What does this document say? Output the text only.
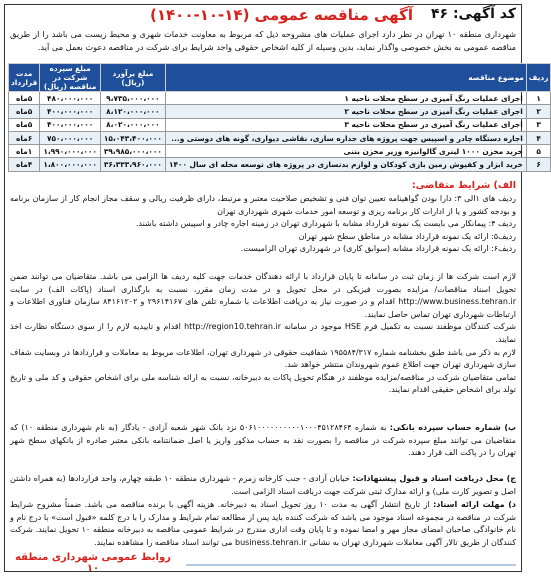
آگهی مناقصه عمومی (۱۴-۱۰-۱۴۰۰) کد آگهی: ۴۶
شهرداری منطقه ۱۰ تهران در نظر دارد اجرای عملیات های مشروحه ذیل که مربوط به معاونت خدمات شهری و محیط زیست می باشد را از طریق مناقصه عمومی به بخش خصوصی واگذار نماید، بدین وسیله از کلیه اشخاص حقوقی واجد شرایط برای شرکت در مناقصه دعوت بعمل می آید.
ردیف	موضوع مناقصه	مبلغ برآورد (ریال)	مبلغ سپرده شرکت در مناقصه (ریال)	مدت قرارداد
۱	اجرای عملیات رنگ آمیزی در سطح محلات ناحیه ۱	۹،۷۳۵،۰۰۰،۰۰۰	۴۸۰،۰۰۰،۰۰۰	۵ماه
۲	اجرای عملیات رنگ آمیزی در سطح محلات ناحیه ۲	۸،۱۲۰،۰۰۰،۰۰۰	۴۰۰،۰۰۰،۰۰۰	۵ماه
۳	اجرای عملیات رنگ آمیزی در سطح محلات ناحیه ۳	۸،۰۲۰،۰۰۰،۰۰۰	۴۰۰،۰۰۰،۰۰۰	۵ماه
۴	اجاره دستگاه چادر و اسپیس جهت پروژه های جداره سازی، نقاشی دیواری، گونه های دوستی و...	۱۵،۰۴۳،۴۰۰،۰۰۰	۷۵۰،۰۰۰،۰۰۰	۶ماه
۵	خرید مخزن ۱۰۰۰ لیتری گالوانیزه وزیر مخزن بتنی	۳۹،۹۸۵،۰۰۰،۰۰۰	۱،۹۹۰،۰۰۰،۰۰۰	۱ماه
۶	خرید ابزار و کفپوش زمین بازی کودکان و لوازم بدنسازی در پروژه های توسعه محله ای سال ۱۴۰۰	۳۶،۳۳۳،۹۶۰،۰۰۰	۱،۸۰۰،۰۰۰،۰۰۰	۴ماه
الف) شرایط متقاضی:

ردیف های ۱الی ۳: دارا بودن گواهینامه تعیین توان فنی و تشخیص صلاحیت معتبر و مرتبط، دارای ظرفیت ریالی و سقف مجاز انجام کار از سازمان برنامه و بودجه کشور و یا از ادارات کار برنامه ریزی و توسعه امور خدمات شهری شهرداری تهران

ردیف ۴: پیمانکار می بایست یک نمونه قرارداد مشابه با شهرداری تهران در زمینه اجاره چادر و اسپیس داشته باشند.

ردیف۵: ارائه یک نمونه قرارداد مشابه در مناطق سطح شهر تهران

ردیف۶: ارائه یک نمونه قرارداد مشابه (سوابق کاری) در شهرداری تهران الزامیست.

لازم است شرکت ها از زمان ثبت در سامانه تا پایان قرارداد با ارائه دهندگان خدمات جهت کلیه ردیف ها الزامی می باشد. متقاضیان می توانند ضمن تحویل اسناد مناقصات/ مزایده بصورت فیزیکی در محل تحویل و در مدت زمان مقرر، نسبت به بارگذاری اسناد (پاکات الف) در سایت http://www.business.tehran.ir اقدام و در صورت نیاز به دریافت اطلاعات با شماره تلفن های ۲۹۶۱۴۱۶۷ و ۸۴۱۶۱۲۰۲ سازمان فناوری اطلاعات و ارتباطات شهرداری تهران تماس حاصل نمایند.

شرکت کنندگان موظفند نسبت به تکمیل فرم HSE موجود در سامانه http://region10.tehran.ir اقدام و تاییدیه لازم را از سوی دستگاه نظارت اخذ نمایند.

لازم به ذکر می باشد طبق بخشنامه شماره ۱۹۵۵۸۴/۳۱۷ شفافیت حقوقی در شهرداری تهران، اطلاعات مربوط به معاملات و قراردادها در وبسایت شفاف سازی شهرداری تهران جهت اطلاع عموم شهروندان منتشر خواهد شد.

تمامی متقاضیان شرکت در مناقصه/مزایده موظفند در هنگام تحویل پاکات به دبیرخانه، نسبت به ارائه شناسه ملی برای اشخاص حقوقی و کد ملی و تاریخ تولد برای اشخاص حقیقی اقدام نمایند.

ب) شماره حساب سپرده بانکی: به شماره ۵۰۶۱۰۰۰۰۰۰۰۰۰۰۱۰۰۰۴۵۱۲۸۴۶۴ نزد بانک شهر شعبه آزادی - یادگار (به نام شهرداری منطقه ۱۰) که متقاضیان می توانند مبلغ سپرده شرکت در مناقصه را بصورت نقد به حساب مذکور واریز یا اصل ضمانتنامه بانکی معتبر صادره از بانکهای سطح شهر تهران را در پاکت الف قرار دهند.

ج) محل دریافت اسناد و قبول پیشنهادات: خیابان آزادی - جنب کارخانه زمزم - شهرداری منطقه ۱۰ طبقه چهارم، واحد قراردادها (به همراه داشتن اصل و تصویر کارت ملی) و ارائه مدارک ثبتی شرکت جهت دریافت اسناد الزامی است.

د) مهلت ارائه اسناد: از تاریخ انتشار آگهی به مدت ۱۰ روز تحویل اسناد به دبیرخانه. هزینه آگهی با برنده مناقصه می باشد. ضمناً مشروح شرایط شرکت در مناقصه در مجموعه اسناد موجود می باشد که شرکت کننده باید پس از مطالعه تمام شرایط و مدارک را با درج کلمه «قبول است» با درج نام و نام خانوادگی صاحبان امضای مجاز مهر و امضا نموده و تا پایان وقت اداری مندرج در شرایط عمومی مناقصه به دبیرخانه منطقه ۱۰ تحویل نمایند. شرکت کنندگان از طریق تالار آگهی معاملات شهرداری تهران به نشانی business.tehran.ir می توانند اسناد مناقصه را مشاهده نمایند.

روابط عمومی شهرداری منطقه ۱۰
